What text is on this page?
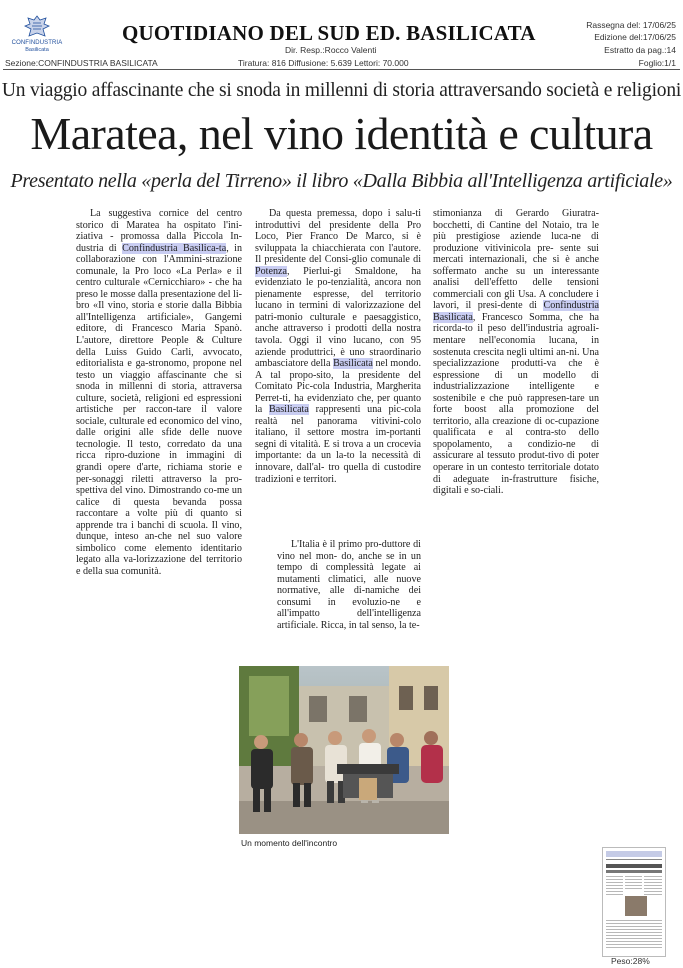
CONFINDUSTRIA
Basilicata
QUOTIDIANO DEL SUD ED. BASILICATA
Dir. Resp.:Rocco Valenti
Tiratura: 816 Diffusione: 5.639 Lettori: 70.000
Sezione:CONFINDUSTRIA BASILICATA
Rassegna del: 17/06/25
Edizione del:17/06/25
Estratto da pag.:14
Foglio:1/1
Un viaggio affascinante che si snoda in millenni di storia attraversando società e religioni
Maratea, nel vino identità e cultura
Presentato nella «perla del Tirreno» il libro «Dalla Bibbia all'Intelligenza artificiale»

La suggestiva cornice del centro storico di Maratea ha ospitato l'ini-ziativa - promossa dalla Piccola In-dustria di Confindustria Basilica-ta, in collaborazione con l'Ammini-strazione comunale, la Pro loco «La Perla» e il centro culturale «Cernicchiaro» - che ha preso le mosse dalla presentazione del li-bro «Il vino, storia e storie dalla Bibbia all'Intelligenza artificiale», Gangemi editore, di Francesco Maria Spanò. L'autore, direttore People & Culture della Luiss Guido Carli, avvocato, editorialista e ga-stronomo, propone nel testo un viaggio affascinante che si snoda in millenni di storia, attraversa culture, società, religioni ed espressioni artistiche per raccon-tare il valore sociale, culturale ed economico del vino, dalle origini alle sfide delle nuove tecnologie. Il testo, corredato da una ricca ripro-duzione in immagini di grandi opere d'arte, richiama storie e per-sonaggi riletti attraverso la pro-spettiva del vino. Dimostrando co-me un calice di questa bevanda possa raccontare a volte più di quanto si apprende tra i banchi di scuola. Il vino, dunque, inteso an-che nel suo valore simbolico come elemento identitario legato alla va-lorizzazione del territorio e della sua comunità.

Da questa premessa, dopo i salu-ti introduttivi del presidente della Pro Loco, Pier Franco De Marco, si è sviluppata la chiacchierata con l'autore. Il presidente del Consi-glio comunale di Potenza, Pierlui-gi Smaldone, ha evidenziato le po-tenzialità, ancora non pienamente espresse, del territorio lucano in termini di valorizzazione del patri-monio culturale e paesaggistico, anche attraverso i prodotti della nostra tavola. Oggi il vino lucano, con 95 aziende produttrici, è uno straordinario ambasciatore della Basilicata nel mondo. A tal propo-sito, la presidente del Comitato Pic-cola Industria, Margherita Perret-ti, ha evidenziato che, per quanto la Basilicata rappresenti una pic-cola realtà nel panorama vitivini-colo italiano, il settore mostra im-portanti segni di vitalità. E si trova a un crocevia importante: da un la-to la necessità di innovare, dall'al- tro quella di custodire tradizioni e territori.

L'Italia è il primo pro-duttore di vino nel mon- do, anche se in un tempo di complessità legate ai mutamenti climatici, alle nuove normative, alle di-namiche dei consumi in evoluzio-ne e all'impatto dell'intelligenza artificiale. Ricca, in tal senso, la te-

stimonianza di Gerardo Giuratra-bocchetti, di Cantine del Notaio, tra le più prestigiose aziende luca-ne di produzione vitivinicola pre- sente sui mercati internazionali, che si è anche soffermato anche su un interessante analisi dell'effetto delle tensioni commerciali con gli Usa. A concludere i lavori, il presi-dente di Confindustria Basilicata, Francesco Somma, che ha ricorda-to il peso dell'industria agroali-mentare nell'economia lucana, in sostenuta crescita negli ultimi an-ni. Una specializzazione produtti-va che è espressione di un modello di industrializzazione intelligente e sostenibile e che può rappresen-tare un forte boost alla promozione del territorio, alla creazione di oc-cupazione qualificata e al contra-sto dello spopolamento, a condizio-ne di assicurare al tessuto produt-tivo di poter operare in un contesto territoriale dotato di adeguate in-frastrutture fisiche, digitali e so-ciali.

Un momento dell'incontro
Peso:28%
